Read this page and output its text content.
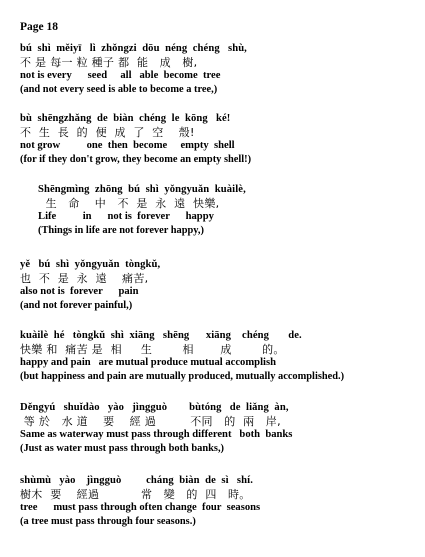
Page 18
bú  shì  měiyī   lì  zhǒngzi  dōu  néng  chéng   shù,
不 是 每一 粒 種子 都  能   成   樹,
not is every      seed     all   able  become  tree
(and not every seed is able to become a tree,)
bù  shēngzhǎng  de  biàn  chéng  le  kōng   ké!
不  生  長  的  便  成  了  空    殼!
not grow          one  then  become     empty  shell
(for if they don't grow, they become an empty shell!)
Shēngmìng  zhōng  bú  shì  yǒngyuǎn  kuàilè,
生   命    中   不  是  永  遠  快樂,
Life          in      not is  forever      happy
(Things in life are not forever happy,)
yě   bú  shì  yǒngyuǎn  tòngkǔ,
也  不  是  永  遠    痛苦,
also not is  forever      pain
(and not forever painful,)
kuàilè  hé   tòngkǔ  shì  xiāng   shēng      xiāng    chéng       de.
快樂 和  痛苦 是  相     生        相       成        的。
happy and pain   are mutual produce mutual accomplish
(but happiness and pain are mutually produced, mutually accomplished.)
Děngyú   shuǐdào   yào   jìngguò        bùtóng   de  liǎng  àn,
等 於   水 道    要    經 過         不同   的  兩   岸,
Same as waterway must pass through different   both  banks
(Just as water must pass through both banks,)
shùmù   yào    jìngguò         cháng  biàn  de  sì   shí.
樹木  要    經過           常   變   的  四   時。
tree      must pass through often change  four  seasons
(a tree must pass through four seasons.)
